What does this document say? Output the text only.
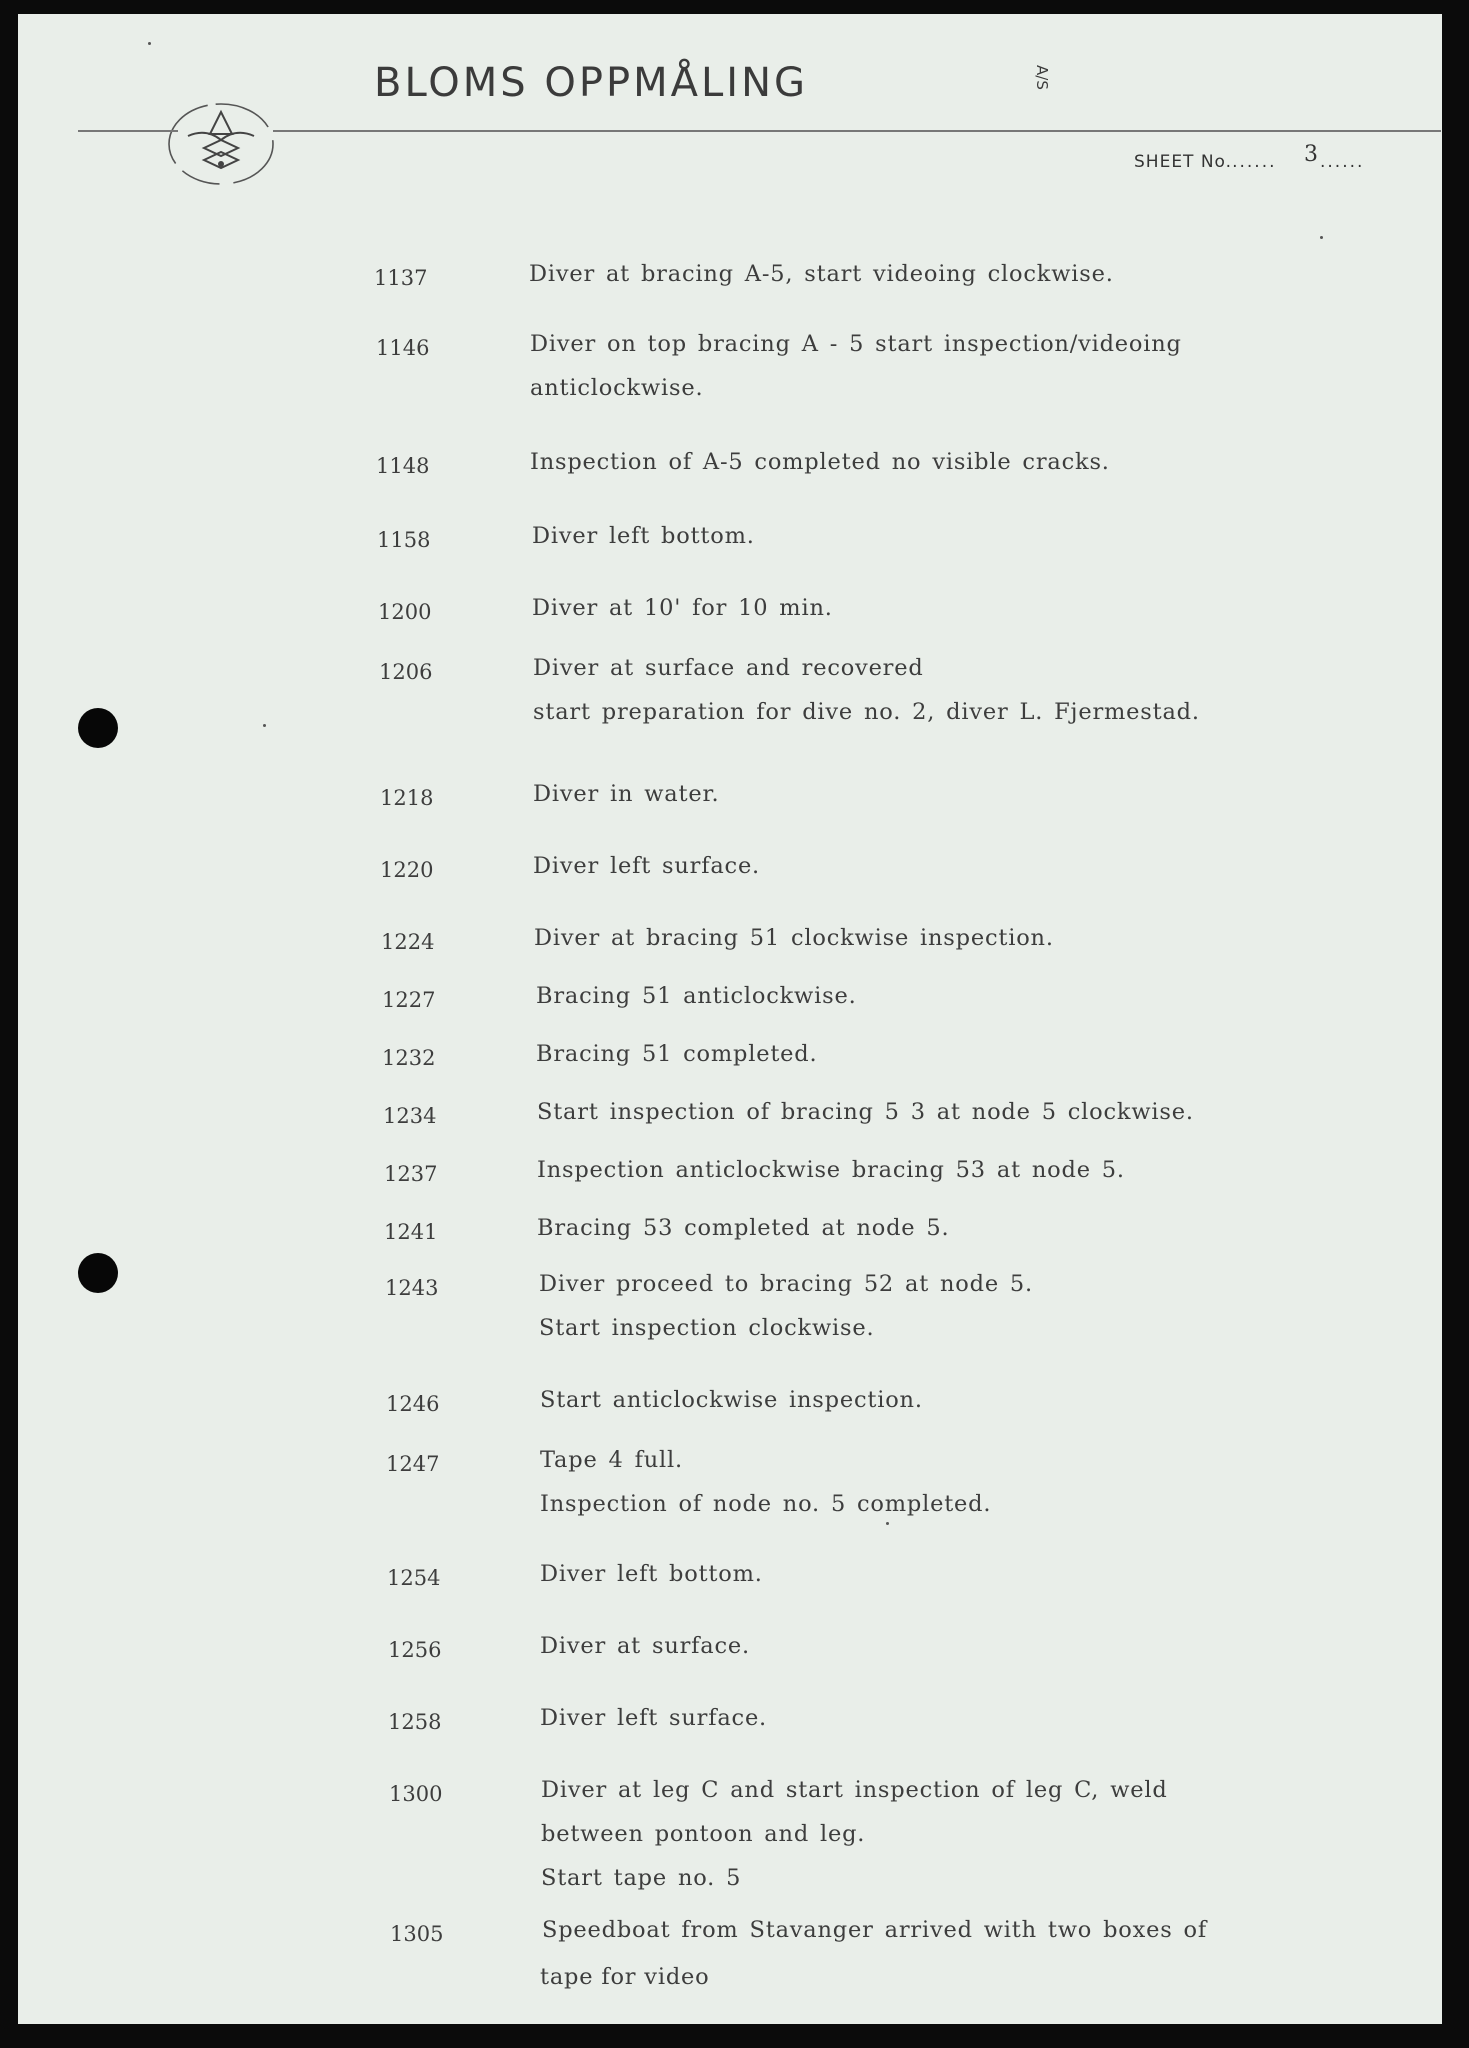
BLOMS OPPMÅLING	A/S
SHEET No....... 3 ......
1137	Diver at bracing A-5, start videoing clockwise.
1146	Diver on top bracing A - 5 start inspection/videoing
anticlockwise.
1148	Inspection of A-5 completed no visible cracks.
1158	Diver left bottom.
1200	Diver at 10' for 10 min.
1206	Diver at surface and recovered
start preparation for dive no. 2, diver L. Fjermestad.
1218	Diver in water.
1220	Diver left surface.
1224	Diver at bracing 51 clockwise inspection.
1227	Bracing 51 anticlockwise.
1232	Bracing 51 completed.
1234	Start inspection of bracing 5 3 at node 5 clockwise.
1237	Inspection anticlockwise bracing 53 at node 5.
1241	Bracing 53 completed at node 5.
1243	Diver proceed to bracing 52 at node 5.
Start inspection clockwise.
1246	Start anticlockwise inspection.
1247	Tape 4 full.
Inspection of node no. 5 completed.
1254	Diver left bottom.
1256	Diver at surface.
1258	Diver left surface.
1300	Diver at leg C and start inspection of leg C, weld
between pontoon and leg.
Start tape no. 5
1305	Speedboat from Stavanger arrived with two boxes of
tape for video
